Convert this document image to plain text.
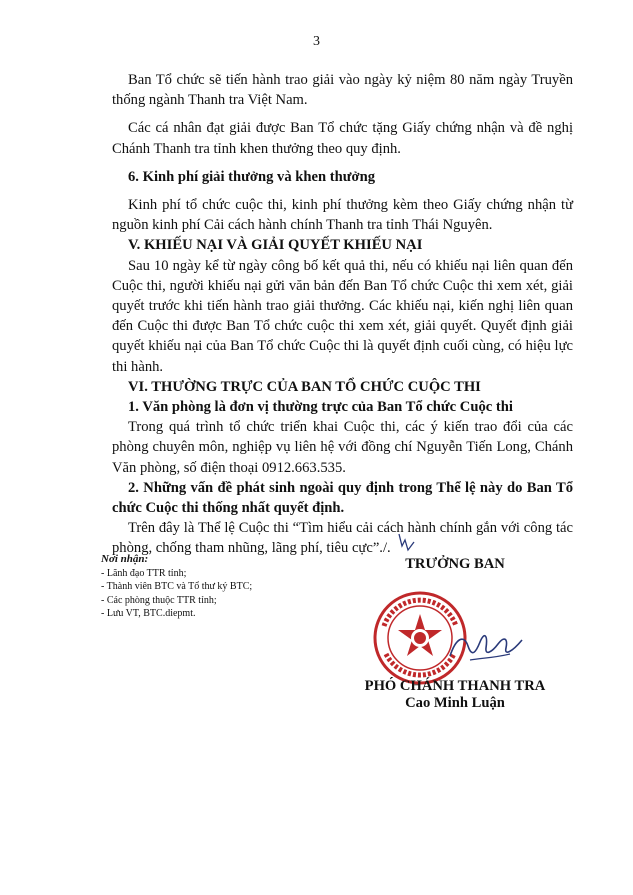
3

Ban Tổ chức sẽ tiến hành trao giải vào ngày kỷ niệm 80 năm ngày Truyền thống ngành Thanh tra Việt Nam.

Các cá nhân đạt giải được Ban Tổ chức tặng Giấy chứng nhận và đề nghị Chánh Thanh tra tỉnh khen thưởng theo quy định.

6. Kinh phí giải thưởng và khen thưởng

Kinh phí tổ chức cuộc thi, kinh phí thưởng kèm theo Giấy chứng nhận từ nguồn kinh phí Cải cách hành chính Thanh tra tỉnh Thái Nguyên.

V. KHIẾU NẠI VÀ GIẢI QUYẾT KHIẾU NẠI

Sau 10 ngày kể từ ngày công bố kết quả thi, nếu có khiếu nại liên quan đến Cuộc thi, người khiếu nại gửi văn bản đến Ban Tổ chức Cuộc thi xem xét, giải quyết trước khi tiến hành trao giải thưởng. Các khiếu nại, kiến nghị liên quan đến Cuộc thi được Ban Tổ chức cuộc thi xem xét, giải quyết. Quyết định giải quyết khiếu nại của Ban Tổ chức Cuộc thi là quyết định cuối cùng, có hiệu lực thi hành.

VI. THƯỜNG TRỰC CỦA BAN TỔ CHỨC CUỘC THI

1. Văn phòng là đơn vị thường trực của Ban Tổ chức Cuộc thi

Trong quá trình tổ chức triển khai Cuộc thi, các ý kiến trao đổi của các phòng chuyên môn, nghiệp vụ liên hệ với đồng chí Nguyễn Tiến Long, Chánh Văn phòng, số điện thoại 0912.663.535.

2. Những vấn đề phát sinh ngoài quy định trong Thể lệ này do Ban Tổ chức Cuộc thi thống nhất quyết định.

Trên đây là Thể lệ Cuộc thi “Tìm hiểu cải cách hành chính gắn với công tác phòng, chống tham nhũng, lãng phí, tiêu cực”./.

Nơi nhận:
- Lãnh đạo TTR tỉnh;
- Thành viên BTC và Tổ thư ký BTC;
- Các phòng thuộc TTR tỉnh;
- Lưu VT, BTC.diepmt.
TRƯỞNG BAN
PHÓ CHÁNH THANH TRA
Cao Minh Luận
